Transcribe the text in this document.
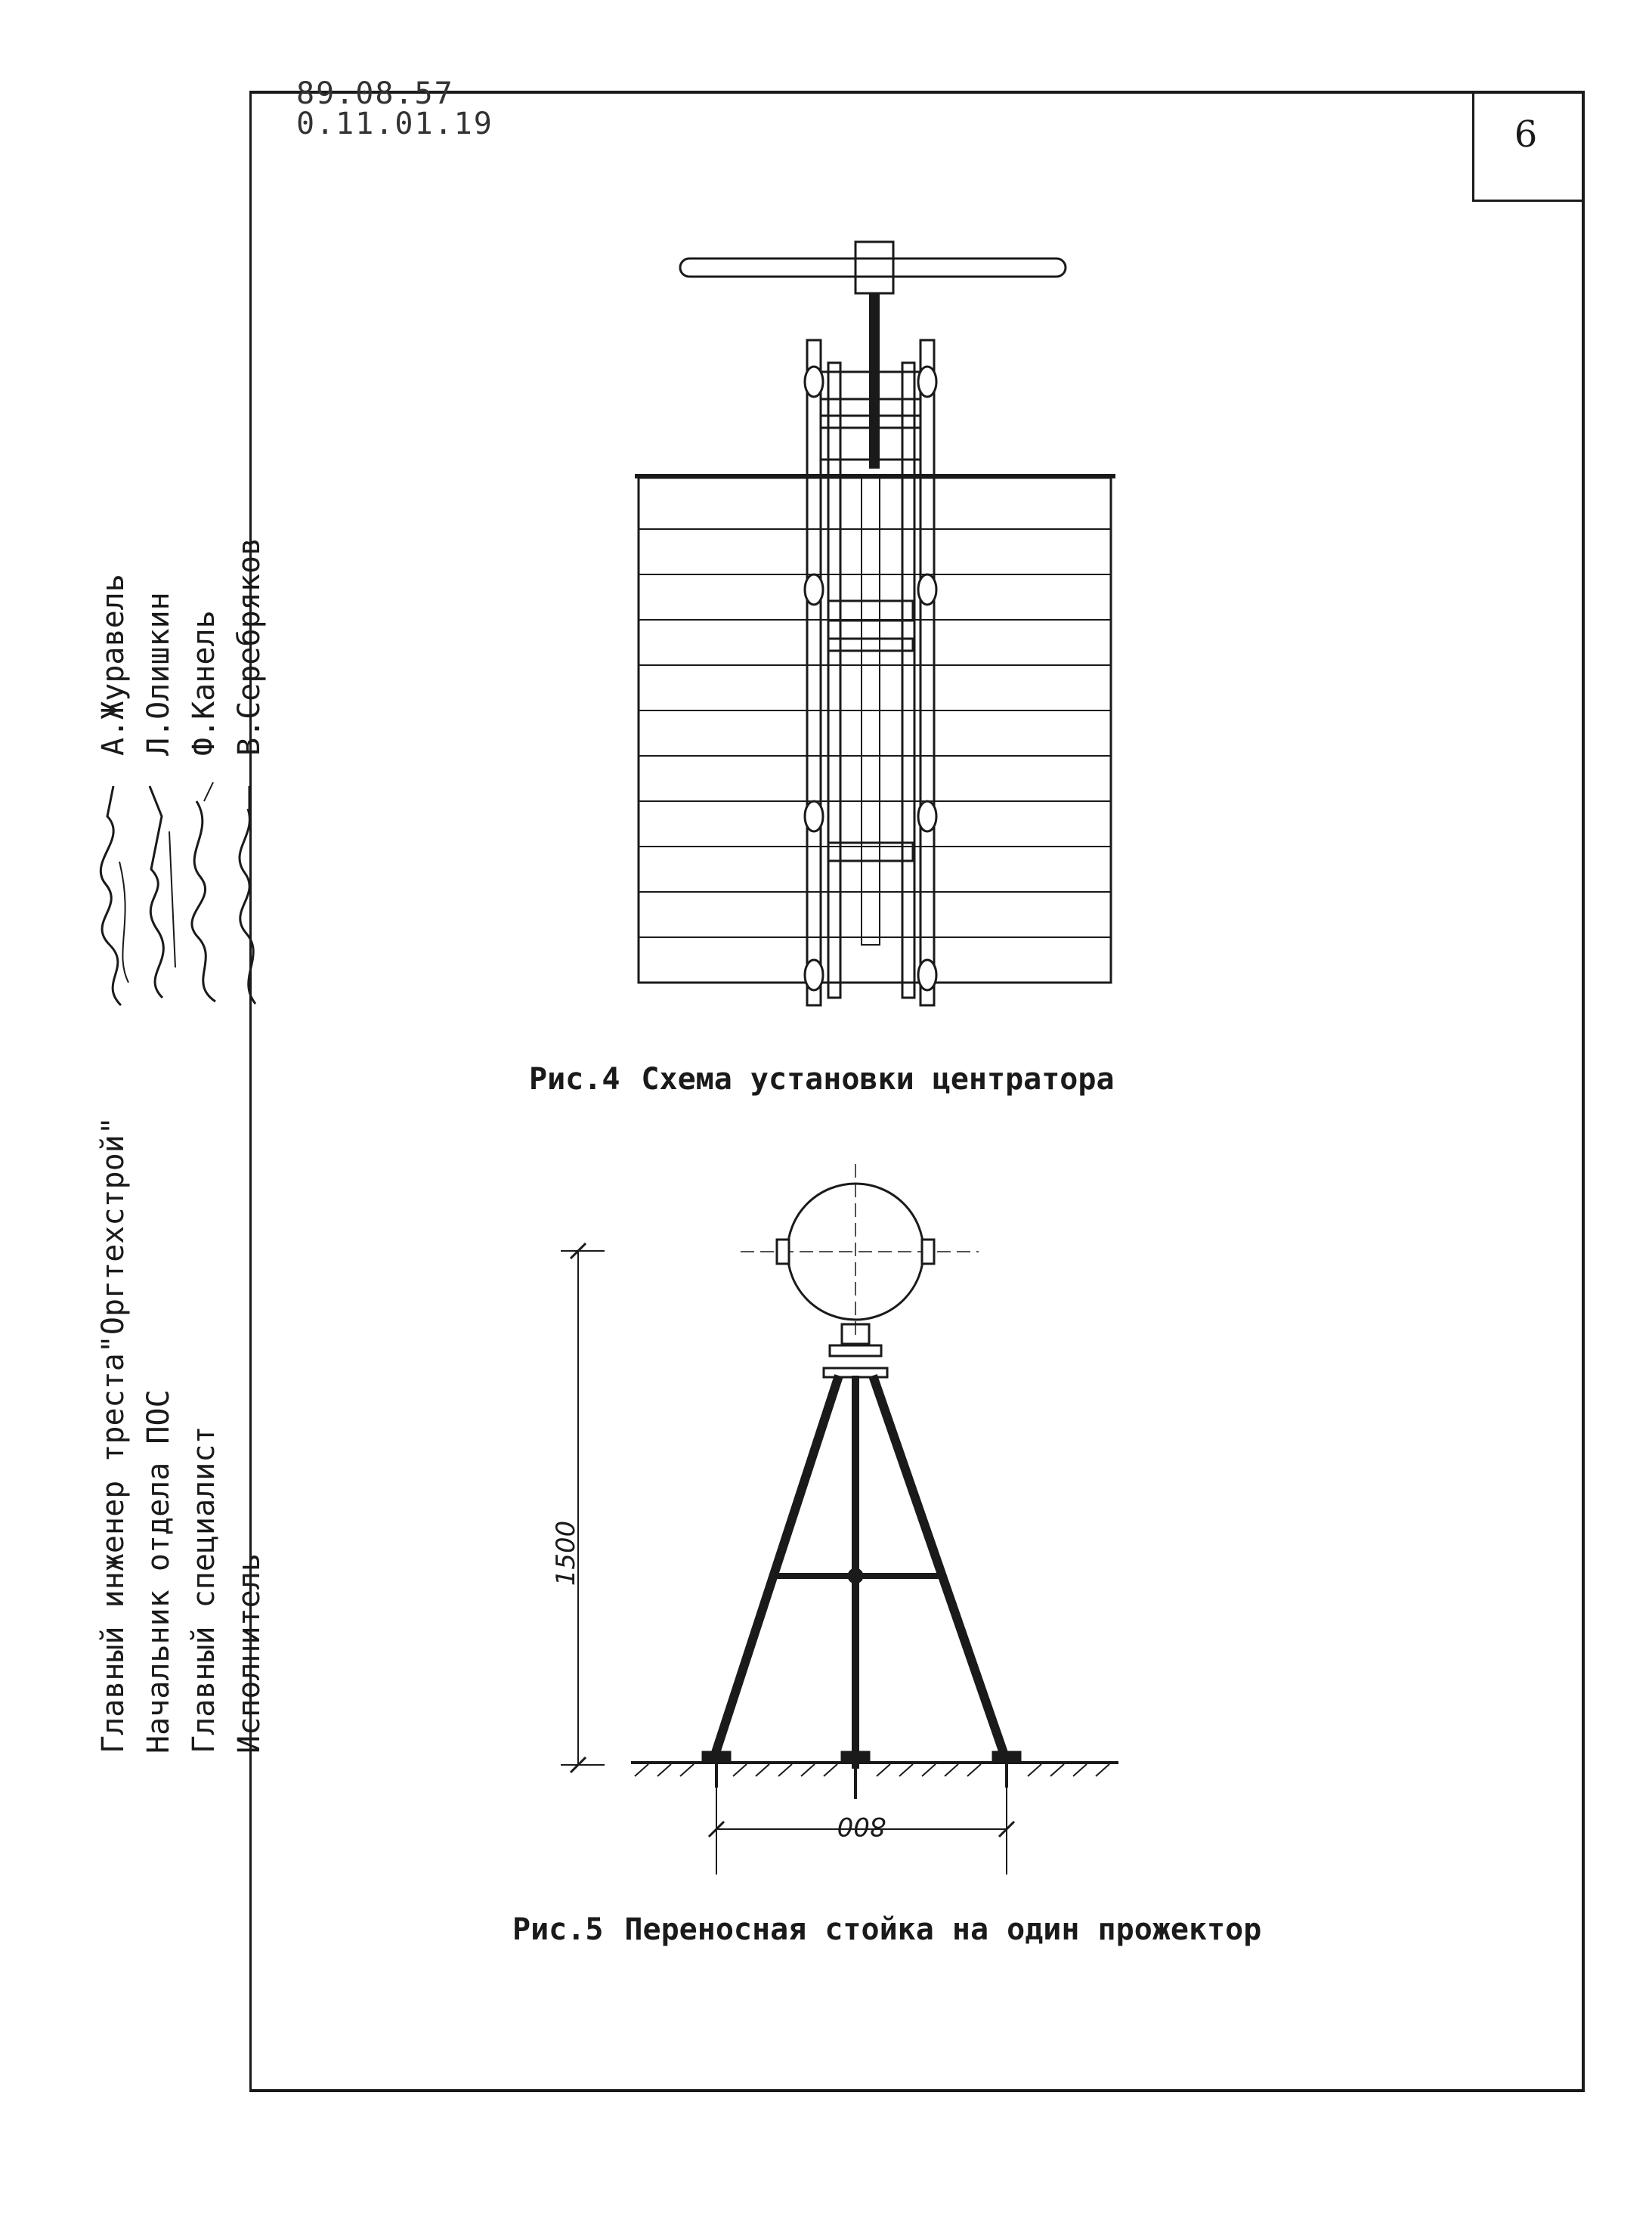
6
89.08.57
0.11.01.19
Главный инженер треста"Оргтехстрой"
А.Журавель
Начальник отдела ПОС
Л.Олишкин
Главный специалист
Ф.Канель
Исполнитель
В.Серебряков
Рис.4 Схема установки центратора
1500
800
Рис.5 Переносная стойка на один прожектор
